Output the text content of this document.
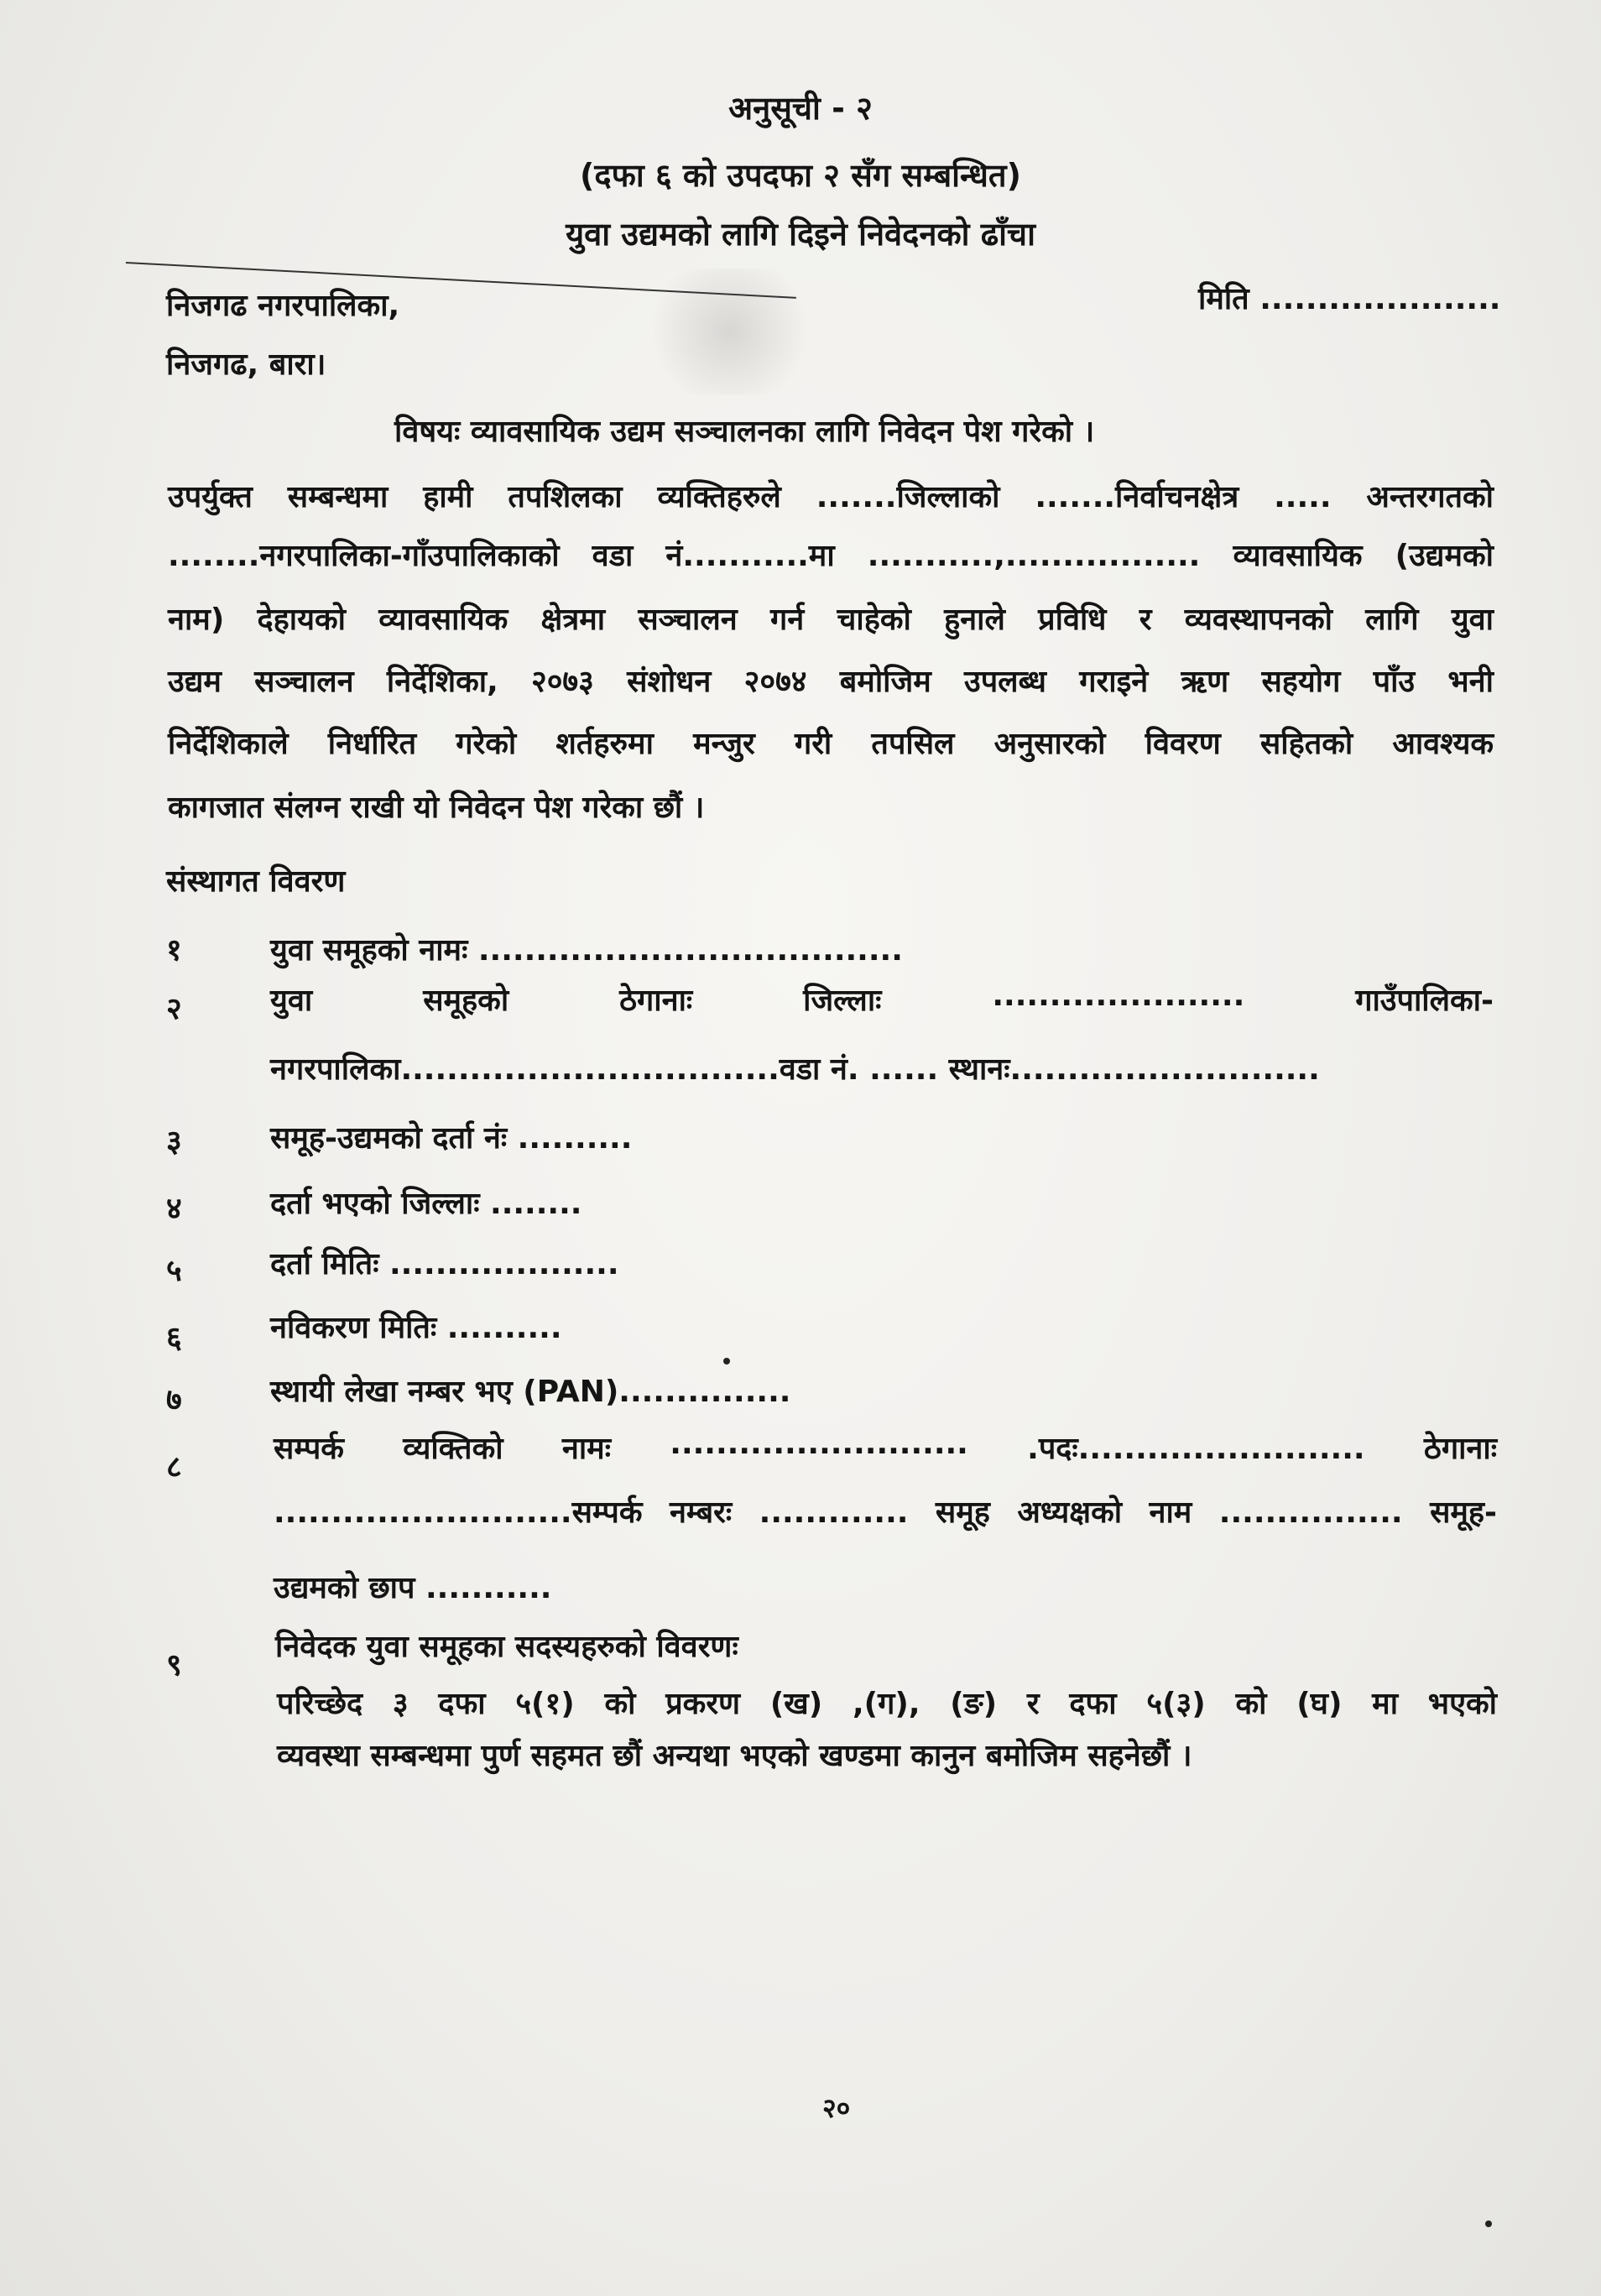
अनुसूची - २
(दफा ६ को उपदफा २ सँग सम्बन्धित)
युवा उद्यमको लागि दिइने निवेदनको ढाँचा
निजगढ नगरपालिका,
निजगढ, बारा।
मिति .....................
विषयः व्यावसायिक उद्यम सञ्चालनका लागि निवेदन पेश गरेको ।
उपर्युक्त सम्बन्धमा हामी तपशिलका व्यक्तिहरुले .......जिल्लाको .......निर्वाचनक्षेत्र ..... अन्तरगतको
........नगरपालिका-गाँउपालिकाको वडा नं...........मा ...........,................. व्यावसायिक (उद्यमको
नाम) देहायको व्यावसायिक क्षेत्रमा सञ्चालन गर्न चाहेको हुनाले प्रविधि र व्यवस्थापनको लागि युवा
उद्यम सञ्चालन निर्देशिका, २०७३ संशोधन २०७४ बमोजिम उपलब्ध गराइने ऋण सहयोग पाँउ भनी
निर्देशिकाले निर्धारित गरेको शर्तहरुमा मन्जुर गरी तपसिल अनुसारको विवरण सहितको आवश्यक
कागजात संलग्न राखी यो निवेदन पेश गरेका छौं ।
संस्थागत विवरण
१	युवा समूहको नामः .....................................
२	युवा	समूहको	ठेगानाः	जिल्लाः	......................	गाउँपालिका-
नगरपालिका.................................वडा नं. ...... स्थानः...........................
३	समूह-उद्यमको दर्ता नंः ..........
४	दर्ता भएको जिल्लाः ........
५	दर्ता मितिः ....................
६	नविकरण मितिः ..........
७	स्थायी लेखा नम्बर भए (PAN)...............
८
सम्पर्क व्यक्तिको नामः .......................... .पदः......................... ठेगानाः
..........................सम्पर्क नम्बरः ............. समूह अध्यक्षको नाम ................ समूह-
उद्यमको छाप ...........
९
निवेदक युवा समूहका सदस्यहरुको विवरणः
परिच्छेद ३ दफा ५(१) को प्रकरण (ख) ,(ग), (ङ) र दफा ५(३) को (घ) मा भएको
व्यवस्था सम्बन्धमा पुर्ण सहमत छौं अन्यथा भएको खण्डमा कानुन बमोजिम सहनेछौं ।
२०
